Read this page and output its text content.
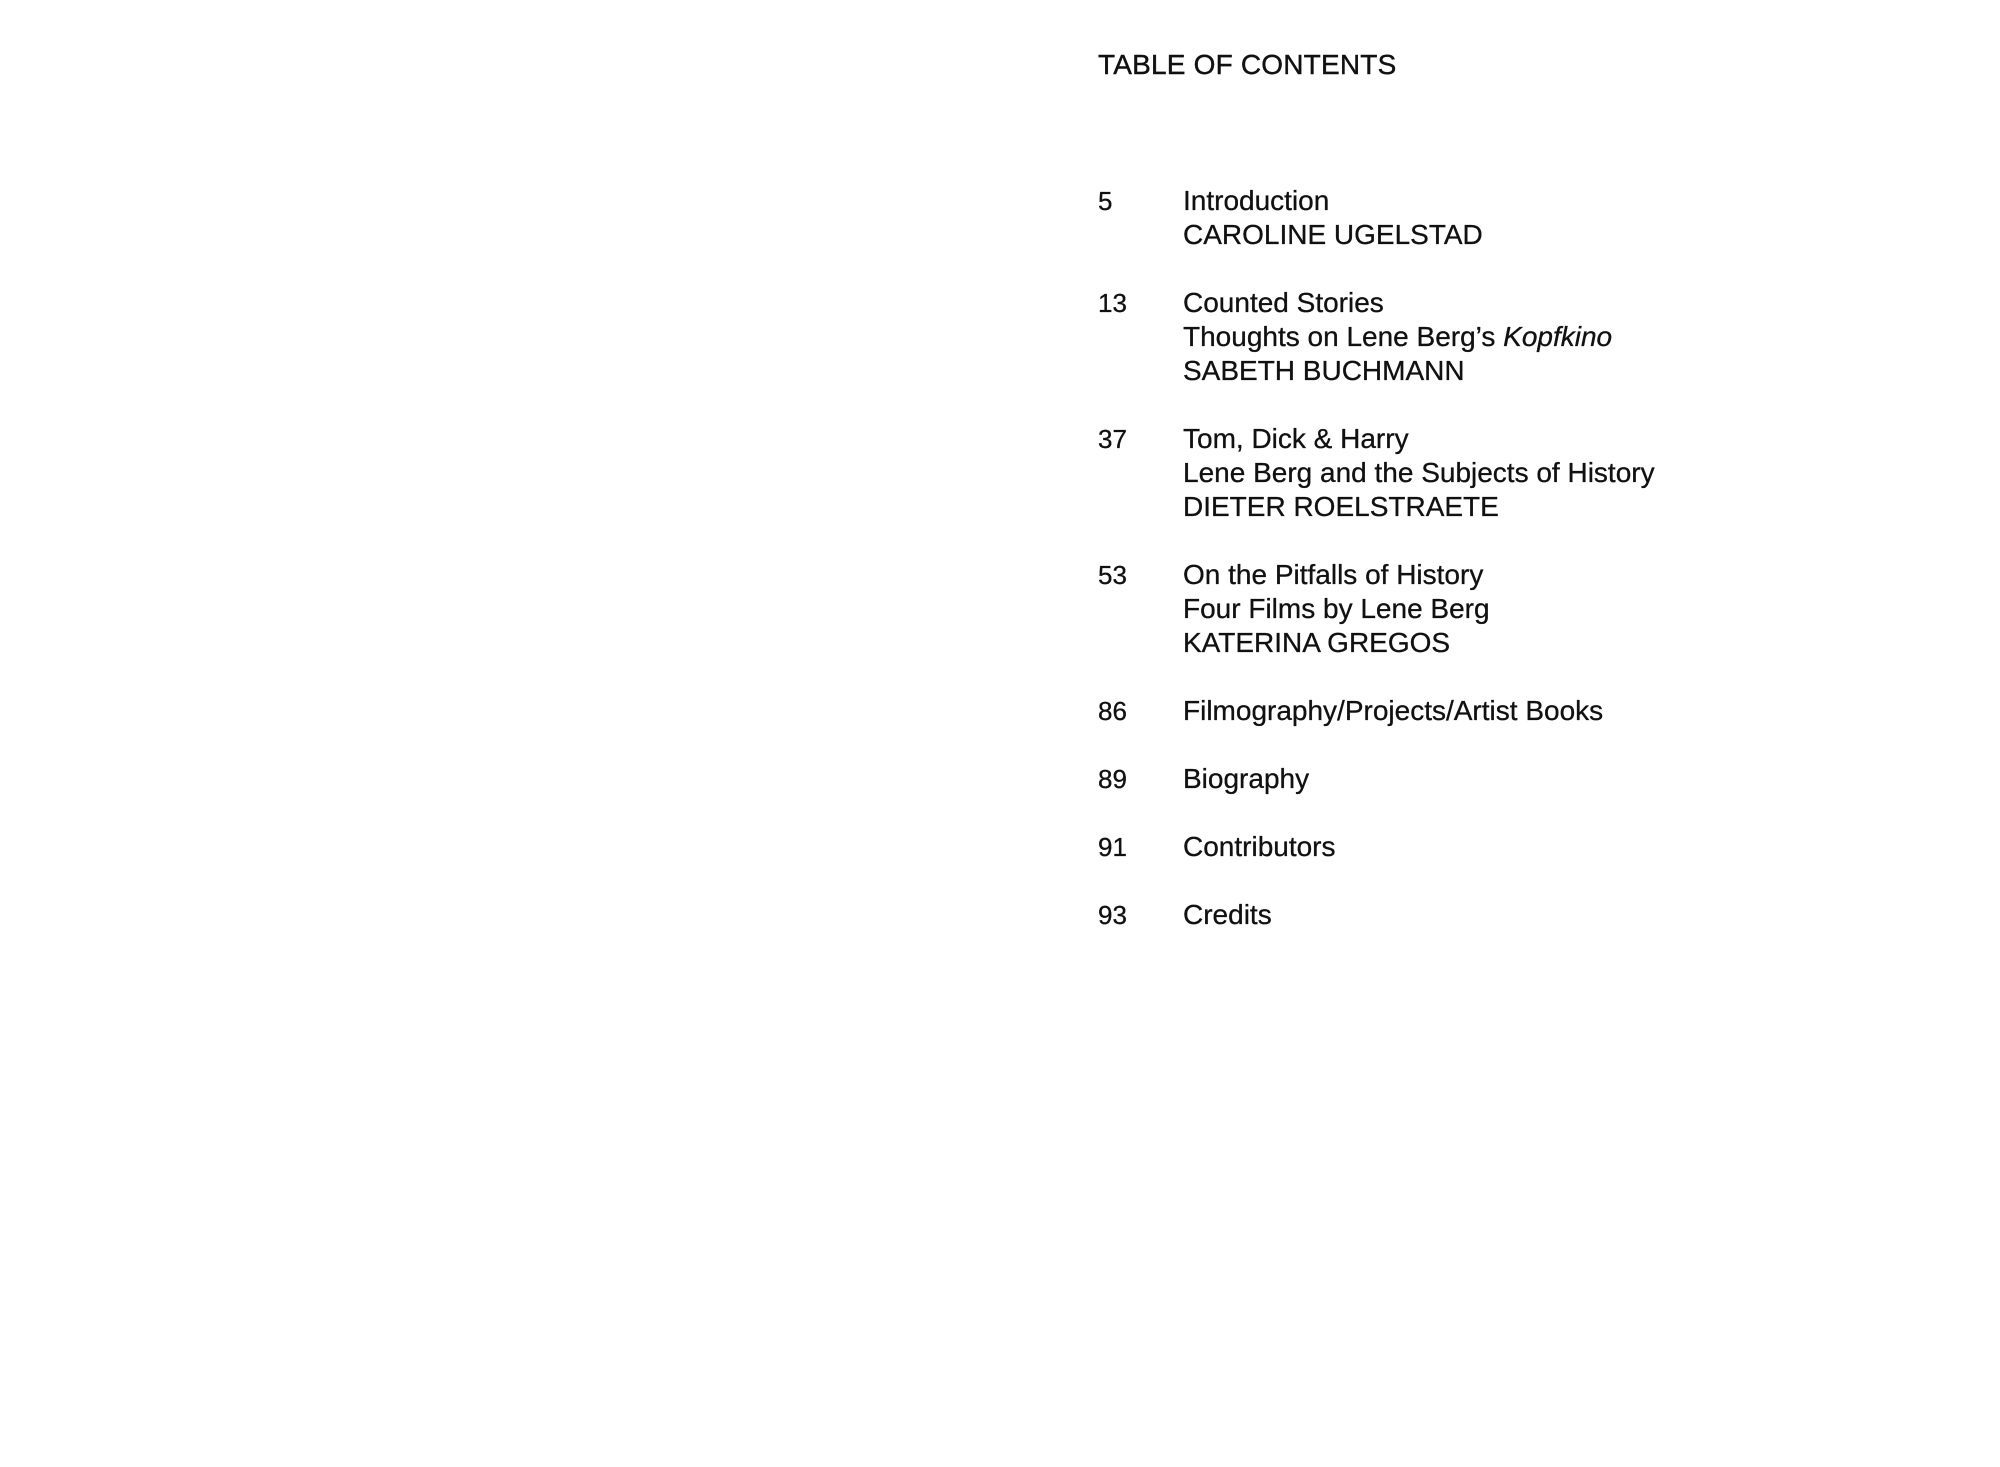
TABLE OF CONTENTS
5	Introduction
CAROLINE UGELSTAD
13	Counted Stories
Thoughts on Lene Berg’s Kopfkino
SABETH BUCHMANN
37	Tom, Dick & Harry
Lene Berg and the Subjects of History
DIETER ROELSTRAETE
53	On the Pitfalls of History
Four Films by Lene Berg
KATERINA GREGOS
86	Filmography/Projects/Artist Books
89	Biography
91	Contributors
93	Credits
